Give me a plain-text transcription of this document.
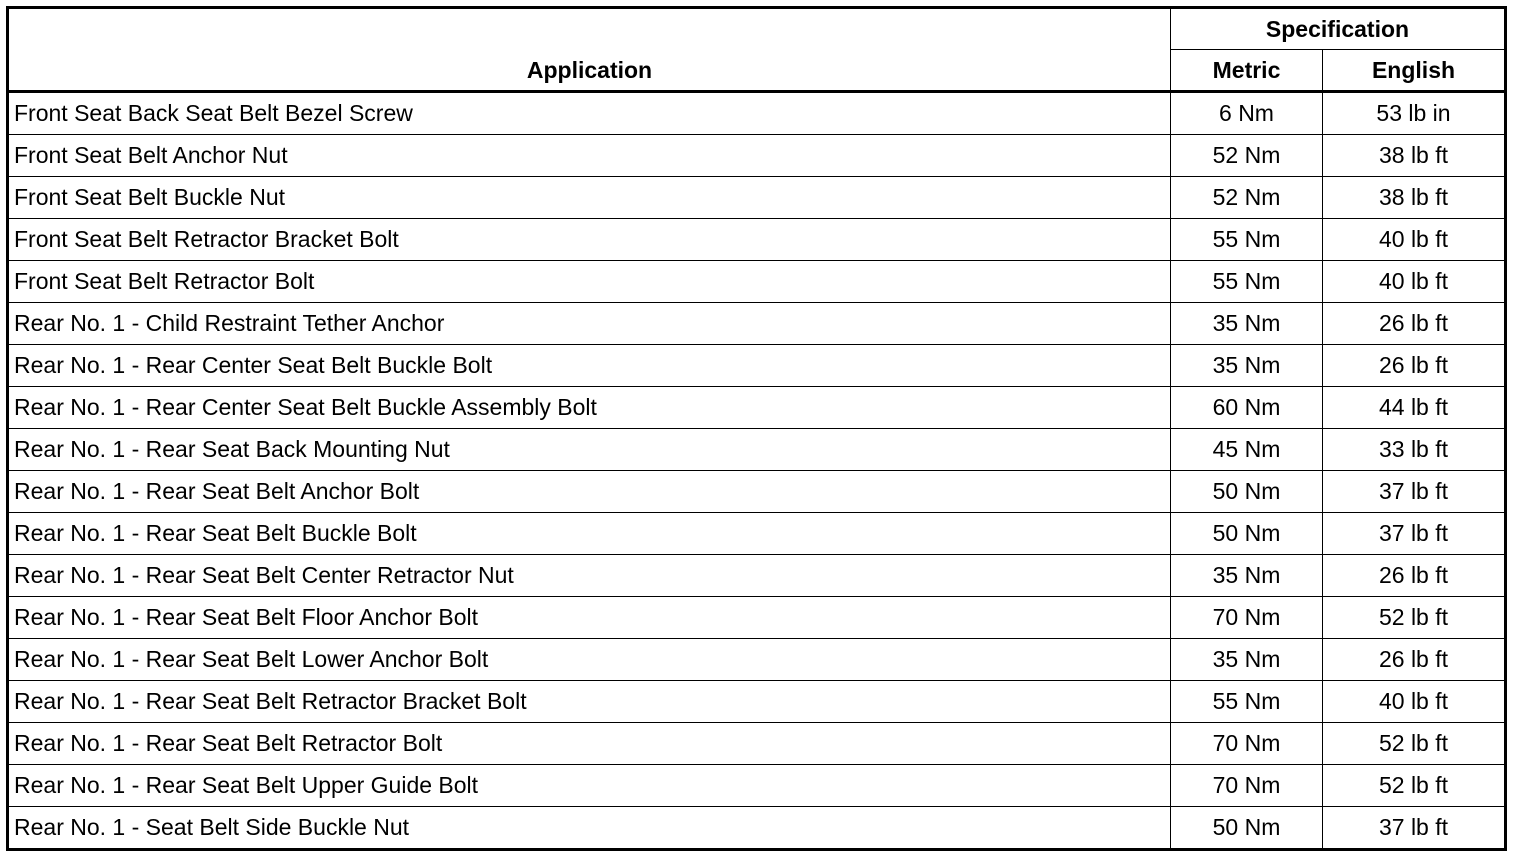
Application	Specification	
	Metric	English
Front Seat Back Seat Belt Bezel Screw	6 Nm	53 lb in
Front Seat Belt Anchor Nut	52 Nm	38 lb ft
Front Seat Belt Buckle Nut	52 Nm	38 lb ft
Front Seat Belt Retractor Bracket Bolt	55 Nm	40 lb ft
Front Seat Belt Retractor Bolt	55 Nm	40 lb ft
Rear No. 1 - Child Restraint Tether Anchor	35 Nm	26 lb ft
Rear No. 1 - Rear Center Seat Belt Buckle Bolt	35 Nm	26 lb ft
Rear No. 1 - Rear Center Seat Belt Buckle Assembly Bolt	60 Nm	44 lb ft
Rear No. 1 - Rear Seat Back Mounting Nut	45 Nm	33 lb ft
Rear No. 1 - Rear Seat Belt Anchor Bolt	50 Nm	37 lb ft
Rear No. 1 - Rear Seat Belt Buckle Bolt	50 Nm	37 lb ft
Rear No. 1 - Rear Seat Belt Center Retractor Nut	35 Nm	26 lb ft
Rear No. 1 - Rear Seat Belt Floor Anchor Bolt	70 Nm	52 lb ft
Rear No. 1 - Rear Seat Belt Lower Anchor Bolt	35 Nm	26 lb ft
Rear No. 1 - Rear Seat Belt Retractor Bracket Bolt	55 Nm	40 lb ft
Rear No. 1 - Rear Seat Belt Retractor Bolt	70 Nm	52 lb ft
Rear No. 1 - Rear Seat Belt Upper Guide Bolt	70 Nm	52 lb ft
Rear No. 1 - Seat Belt Side Buckle Nut	50 Nm	37 lb ft
